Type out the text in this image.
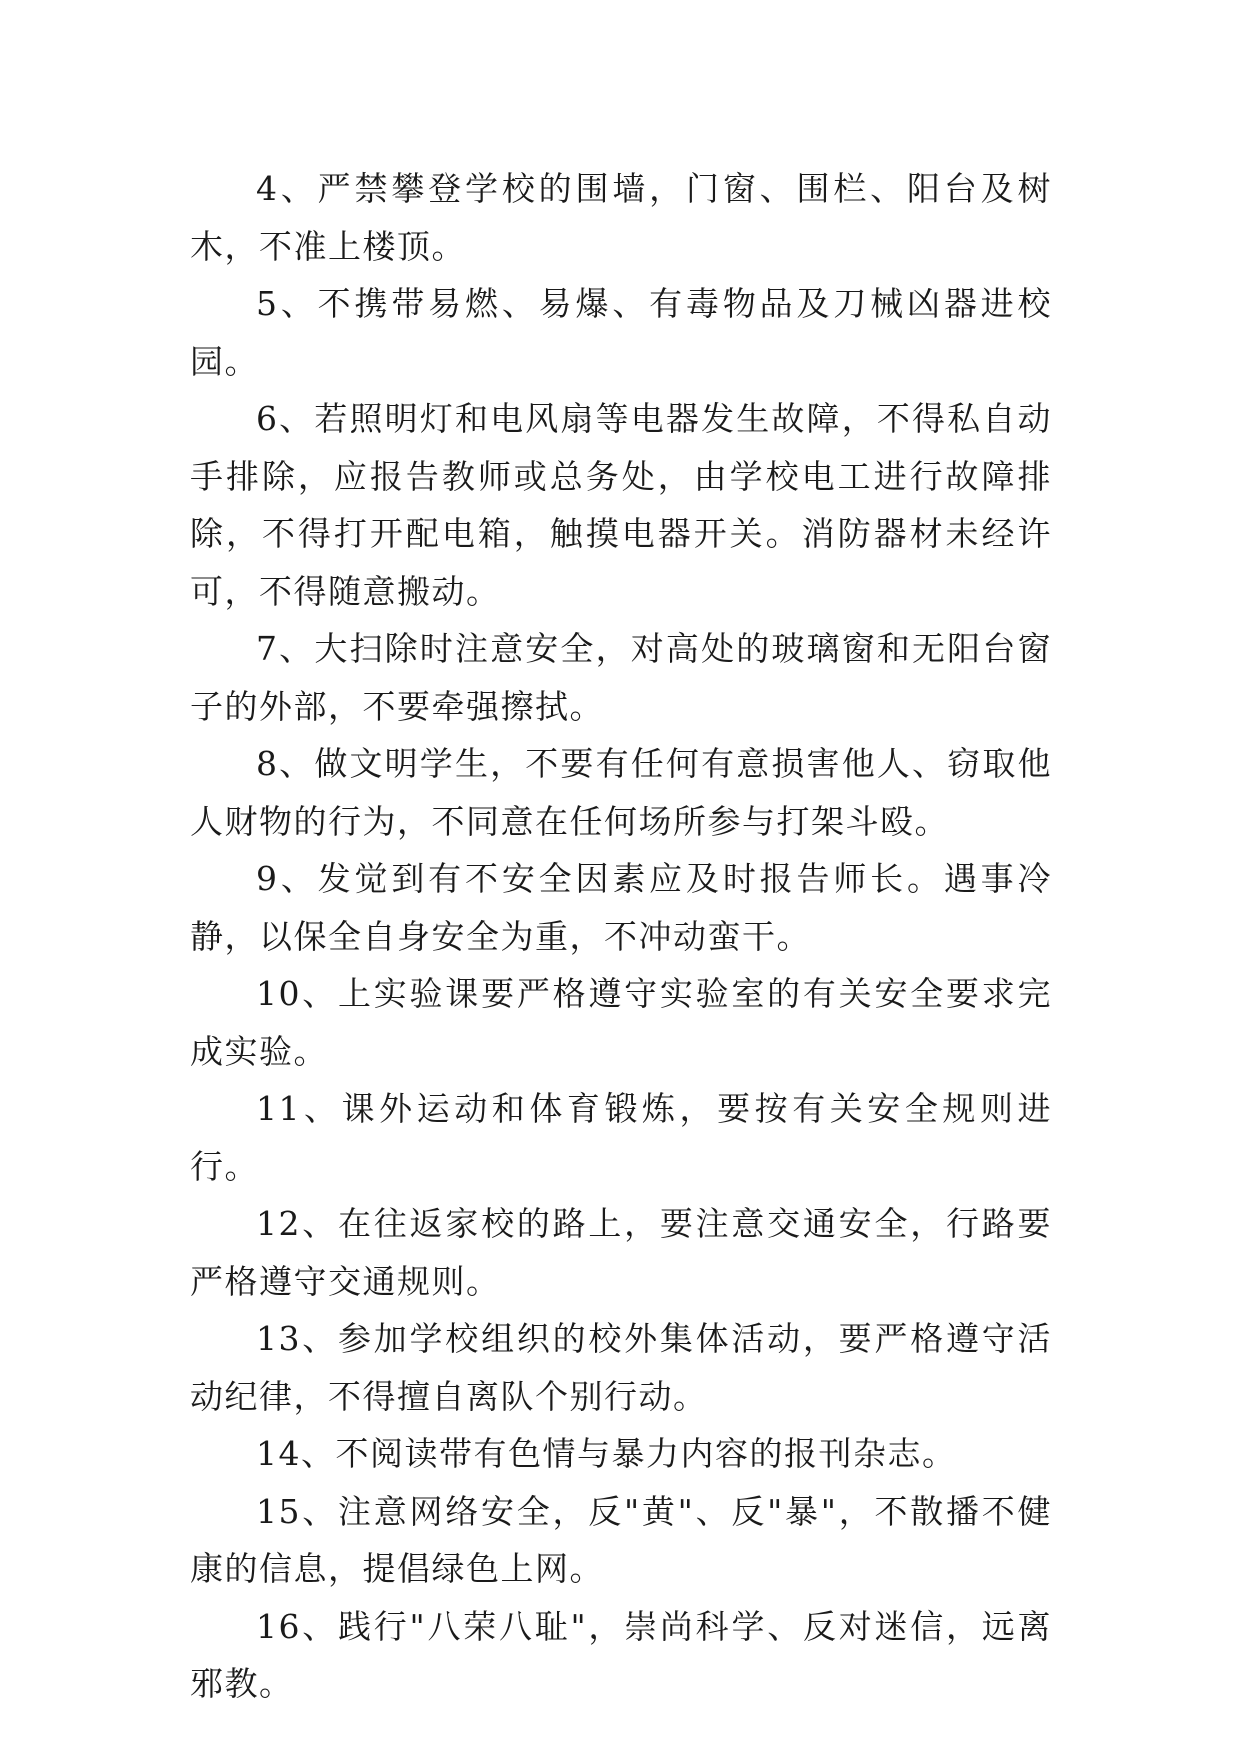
4、严禁攀登学校的围墙，门窗、围栏、阳台及树木，不准上楼顶。

5、不携带易燃、易爆、有毒物品及刀械凶器进校园。

6、若照明灯和电风扇等电器发生故障，不得私自动手排除，应报告教师或总务处，由学校电工进行故障排除，不得打开配电箱，触摸电器开关。消防器材未经许可，不得随意搬动。

7、大扫除时注意安全，对高处的玻璃窗和无阳台窗子的外部，不要牵强擦拭。

8、做文明学生，不要有任何有意损害他人、窃取他人财物的行为，不同意在任何场所参与打架斗殴。

9、发觉到有不安全因素应及时报告师长。遇事冷静，以保全自身安全为重，不冲动蛮干。

10、上实验课要严格遵守实验室的有关安全要求完成实验。

11、课外运动和体育锻炼，要按有关安全规则进行。

12、在往返家校的路上，要注意交通安全，行路要严格遵守交通规则。

13、参加学校组织的校外集体活动，要严格遵守活动纪律，不得擅自离队个别行动。

14、不阅读带有色情与暴力内容的报刊杂志。

15、注意网络安全，反"黄"、反"暴"，不散播不健康的信息，提倡绿色上网。

16、践行"八荣八耻"，崇尚科学、反对迷信，远离邪教。
